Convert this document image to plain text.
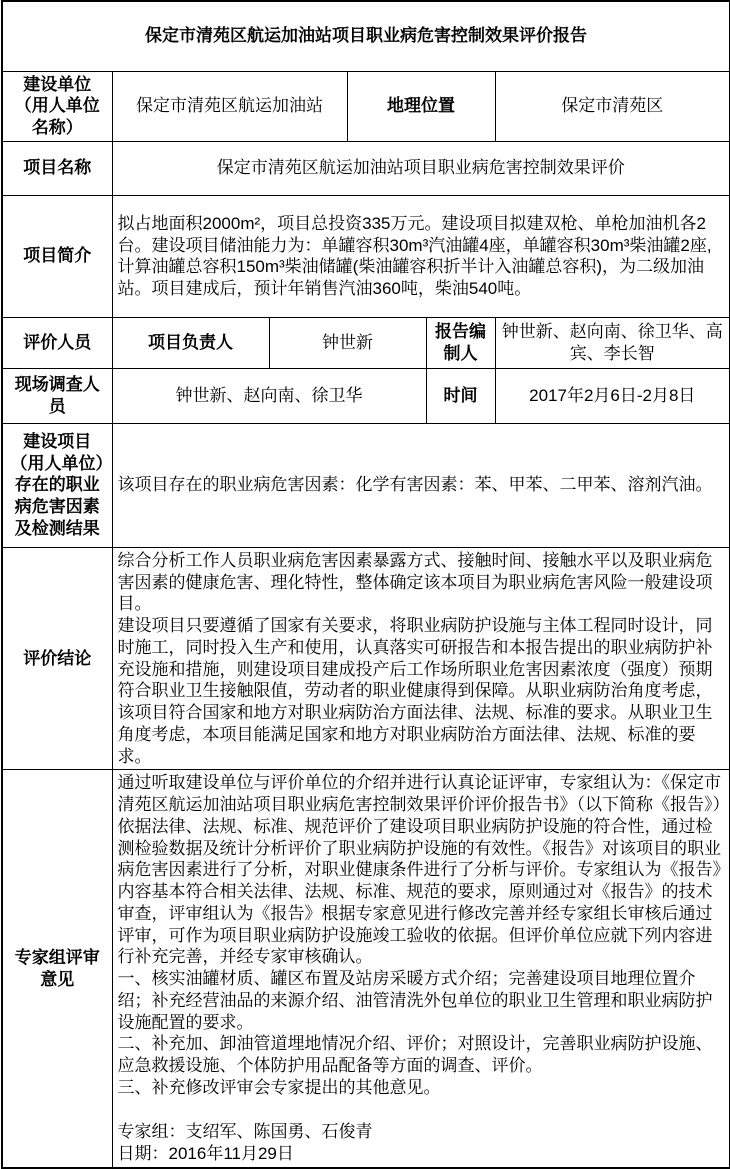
保定市清苑区航运加油站项目职业病危害控制效果评价报告					
建设单位（用人单位名称）	保定市清苑区航运加油站		地理位置		保定市清苑区
项目名称	保定市清苑区航运加油站项目职业病危害控制效果评价				
项目简介	拟占地面积2000m²，项目总投资335万元。建设项目拟建双枪、单枪加油机各2台。建设项目储油能力为：单罐容积30m³汽油罐4座，单罐容积30m³柴油罐2座,计算油罐总容积150m³柴油储罐(柴油罐容积折半计入油罐总容积)，为二级加油站。项目建成后，预计年销售汽油360吨，柴油540吨。				
评价人员	项目负责人	钟世新		报告编制人	钟世新、赵向南、徐卫华、高宾、李长智
现场调查人员	钟世新、赵向南、徐卫华			时间	2017年2月6日-2月8日
建设项目（用人单位）存在的职业病危害因素及检测结果	该项目存在的职业病危害因素：化学有害因素：苯、甲苯、二甲苯、溶剂汽油。				
评价结论	综合分析工作人员职业病危害因素暴露方式、接触时间、接触水平以及职业病危害因素的健康危害、理化特性，整体确定该本项目为职业病危害风险一般建设项目。

建设项目只要遵循了国家有关要求，将职业病防护设施与主体工程同时设计，同时施工，同时投入生产和使用，认真落实可研报告和本报告提出的职业病防护补充设施和措施，则建设项目建成投产后工作场所职业危害因素浓度（强度）预期符合职业卫生接触限值，劳动者的职业健康得到保障。从职业病防治角度考虑，该项目符合国家和地方对职业病防治方面法律、法规、标准的要求。从职业卫生角度考虑，本项目能满足国家和地方对职业病防治方面法律、法规、标准的要求。				

专家组评审意见	

通过听取建设单位与评价单位的介绍并进行认真论证评审，专家组认为：《保定市清苑区航运加油站项目职业病危害控制效果评价评价报告书》（以下简称《报告》）依据法律、法规、标准、规范评价了建设项目职业病防护设施的符合性，通过检测检验数据及统计分析评价了职业病防护设施的有效性。《报告》对该项目的职业病危害因素进行了分析，对职业健康条件进行了分析与评价。专家组认为《报告》内容基本符合相关法律、法规、标准、规范的要求，原则通过对《报告》的技术审查，评审组认为《报告》根据专家意见进行修改完善并经专家组长审核后通过评审，可作为项目职业病防护设施竣工验收的依据。但评价单位应就下列内容进行补充完善，并经专家审核确认。

一、核实油罐材质、罐区布置及站房采暖方式介绍；完善建设项目地理位置介绍；补充经营油品的来源介绍、油管清洗外包单位的职业卫生管理和职业病防护设施配置的要求。

二、补充加、卸油管道埋地情况介绍、评价；对照设计，完善职业病防护设施、应急救援设施、个体防护用品配备等方面的调查、评价。

三、补充修改评审会专家提出的其他意见。

专家组：支绍军、陈国勇、石俊青

日期：2016年11月29日
